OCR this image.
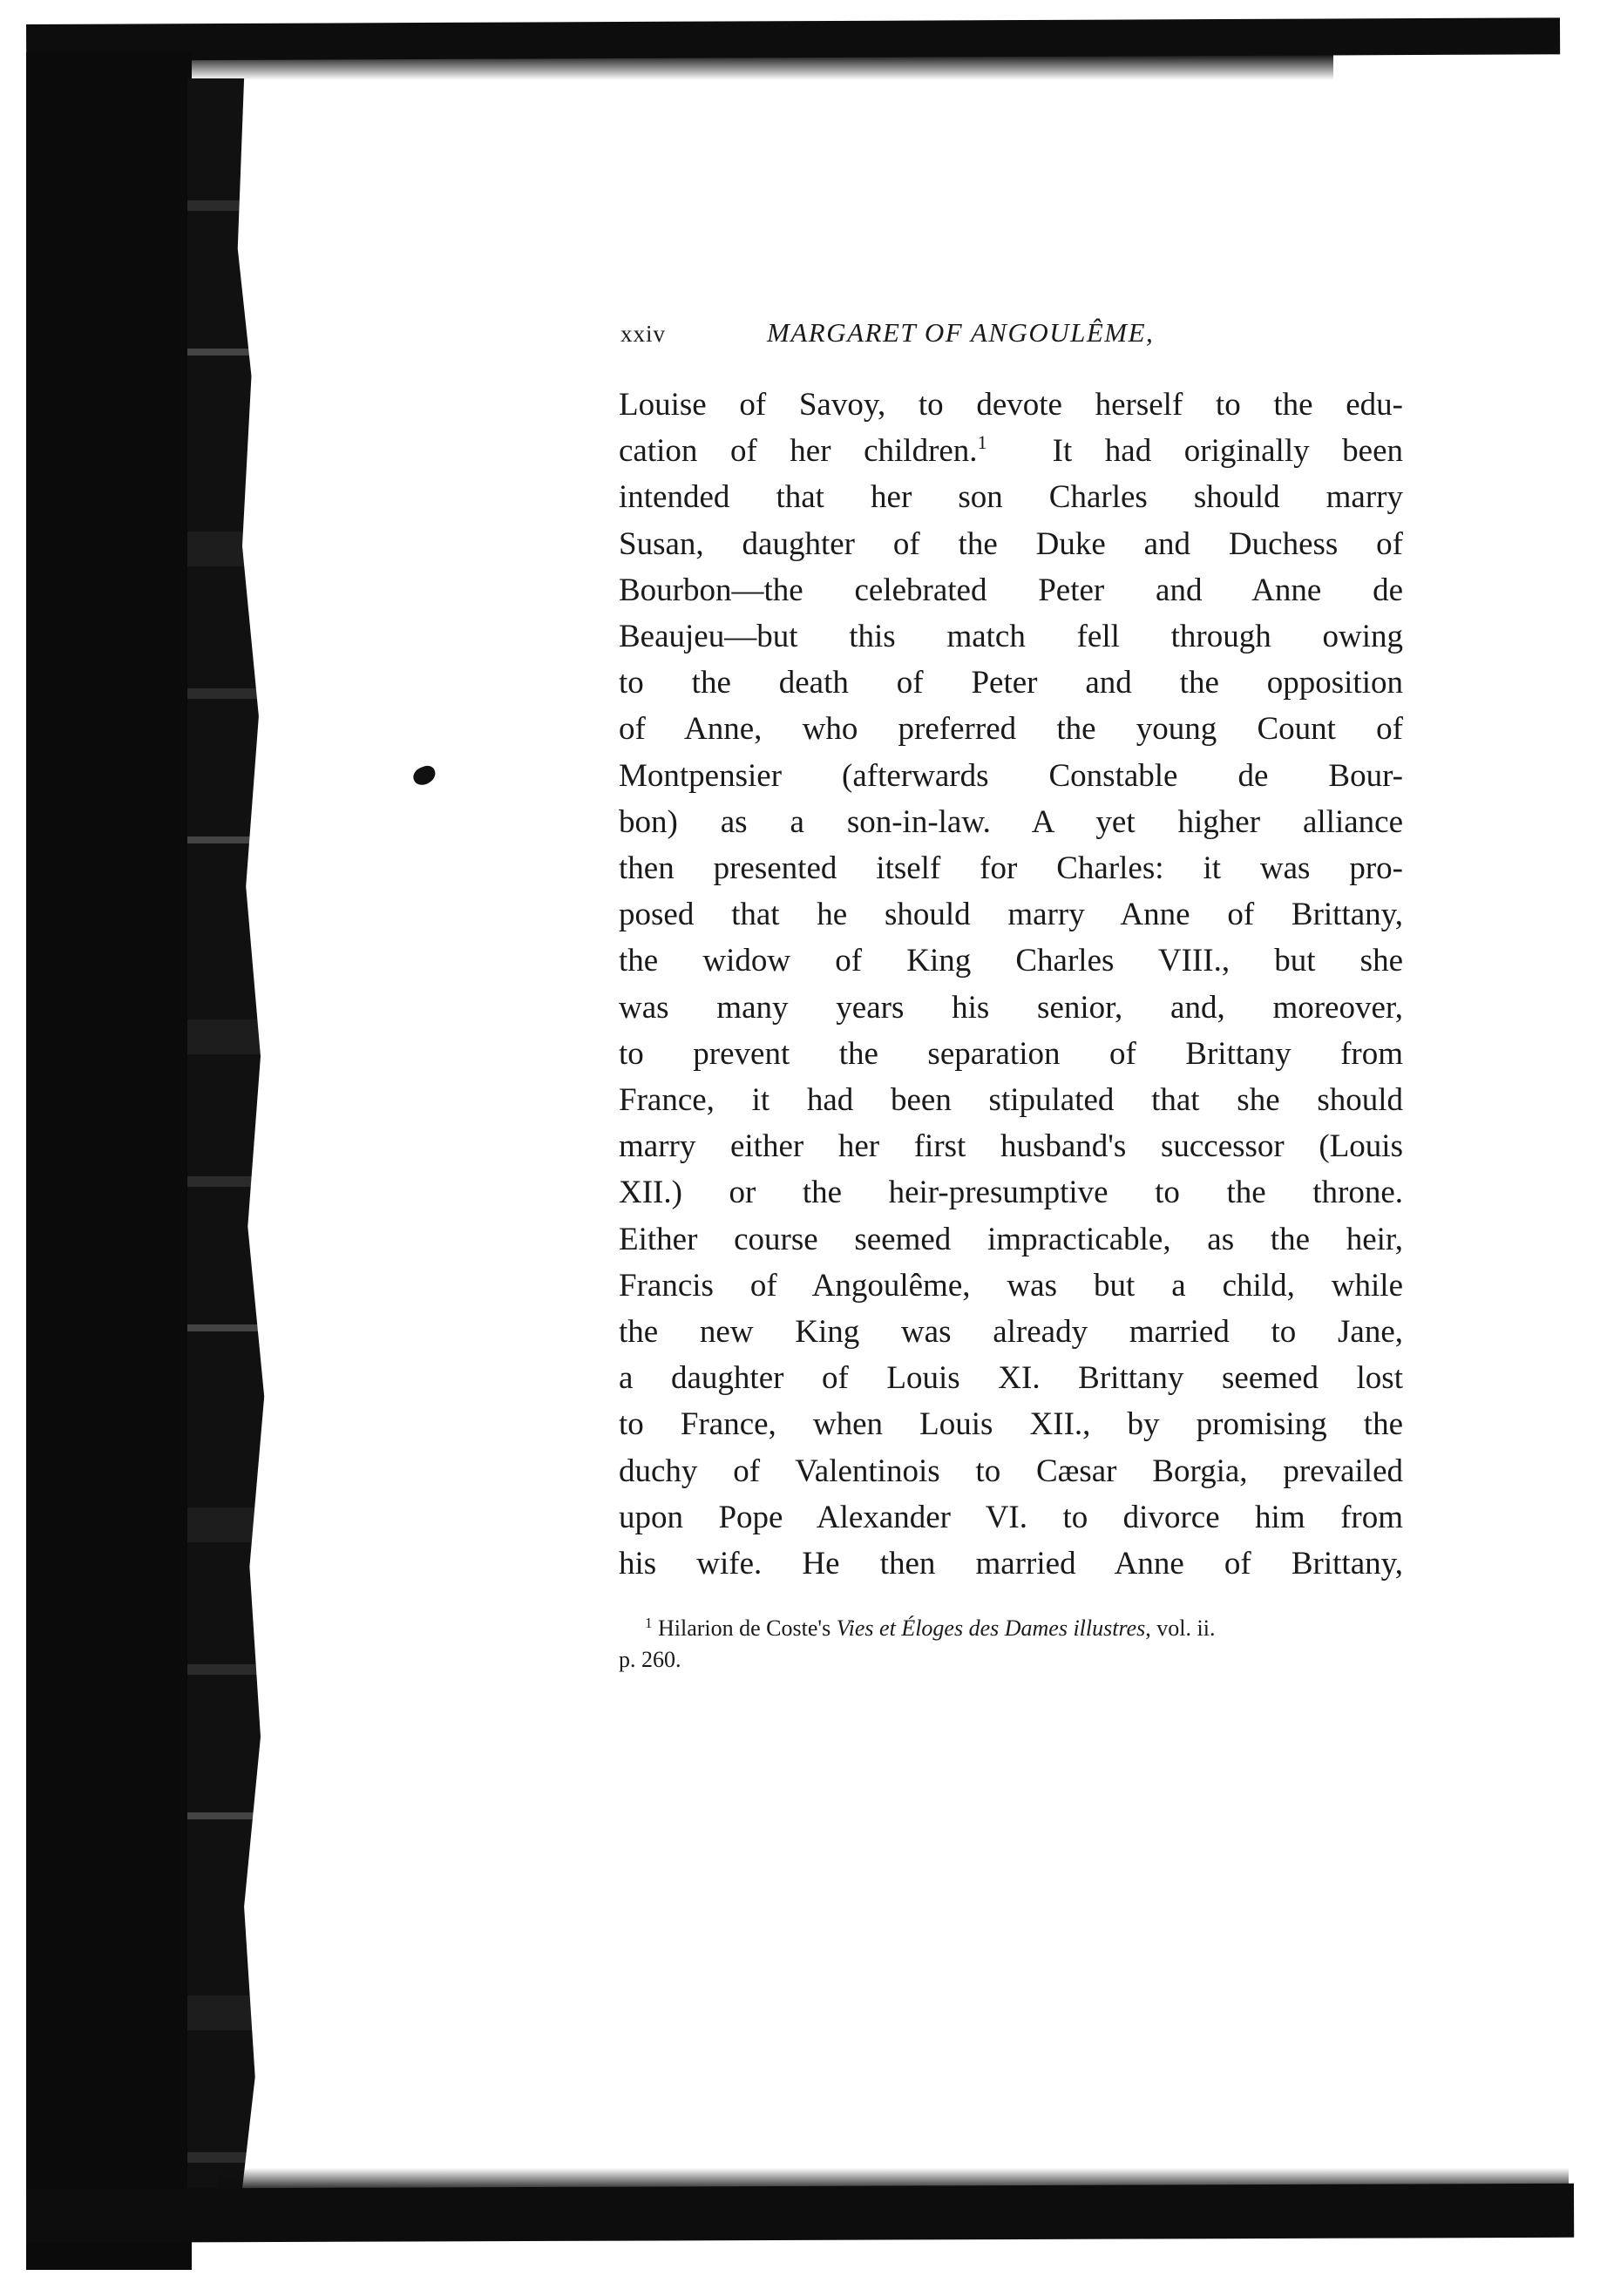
xxiv	MARGARET OF ANGOULÊME,
Louise of Savoy, to devote herself to the edu-
cation of her children.$^1$ It had originally been
intended that her son Charles should marry
Susan, daughter of the Duke and Duchess of
Bourbon—the celebrated Peter and Anne de
Beaujeu—but this match fell through owing
to the death of Peter and the opposition
of Anne, who preferred the young Count of
Montpensier (afterwards Constable de Bour-
bon) as a son-in-law. A yet higher alliance
then presented itself for Charles: it was pro-
posed that he should marry Anne of Brittany,
the widow of King Charles VIII., but she
was many years his senior, and, moreover,
to prevent the separation of Brittany from
France, it had been stipulated that she should
marry either her first husband's successor (Louis
XII.) or the heir-presumptive to the throne.
Either course seemed impracticable, as the heir,
Francis of Angoulême, was but a child, while
the new King was already married to Jane,
a daughter of Louis XI. Brittany seemed lost
to France, when Louis XII., by promising the
duchy of Valentinois to Cæsar Borgia, prevailed
upon Pope Alexander VI. to divorce him from
his wife. He then married Anne of Brittany,
$^1$ Hilarion de Coste's Vies et Éloges des Dames illustres, vol. ii.
p. 260.
